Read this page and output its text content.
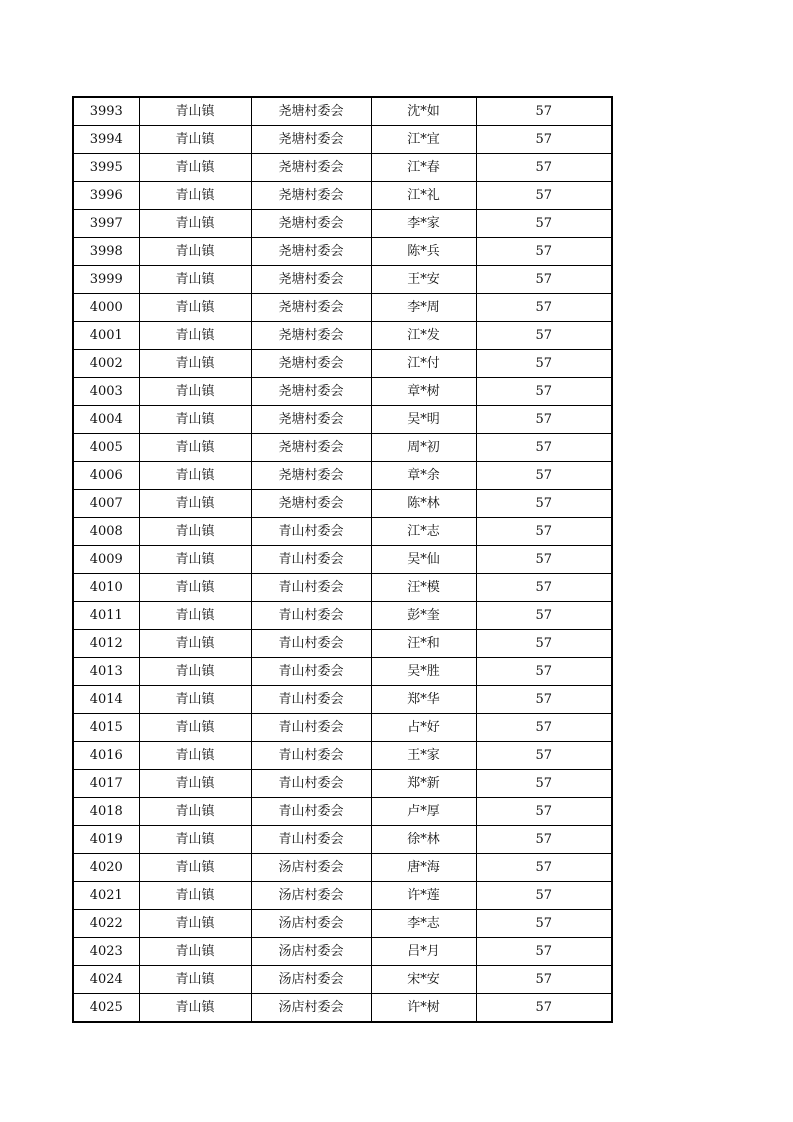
3993	青山镇	尧塘村委会	沈*如	57
3994	青山镇	尧塘村委会	江*宜	57
3995	青山镇	尧塘村委会	江*春	57
3996	青山镇	尧塘村委会	江*礼	57
3997	青山镇	尧塘村委会	李*家	57
3998	青山镇	尧塘村委会	陈*兵	57
3999	青山镇	尧塘村委会	王*安	57
4000	青山镇	尧塘村委会	李*周	57
4001	青山镇	尧塘村委会	江*发	57
4002	青山镇	尧塘村委会	江*付	57
4003	青山镇	尧塘村委会	章*树	57
4004	青山镇	尧塘村委会	吴*明	57
4005	青山镇	尧塘村委会	周*初	57
4006	青山镇	尧塘村委会	章*余	57
4007	青山镇	尧塘村委会	陈*林	57
4008	青山镇	青山村委会	江*志	57
4009	青山镇	青山村委会	吴*仙	57
4010	青山镇	青山村委会	汪*模	57
4011	青山镇	青山村委会	彭*奎	57
4012	青山镇	青山村委会	汪*和	57
4013	青山镇	青山村委会	吴*胜	57
4014	青山镇	青山村委会	郑*华	57
4015	青山镇	青山村委会	占*好	57
4016	青山镇	青山村委会	王*家	57
4017	青山镇	青山村委会	郑*新	57
4018	青山镇	青山村委会	卢*厚	57
4019	青山镇	青山村委会	徐*林	57
4020	青山镇	汤店村委会	唐*海	57
4021	青山镇	汤店村委会	许*莲	57
4022	青山镇	汤店村委会	李*志	57
4023	青山镇	汤店村委会	吕*月	57
4024	青山镇	汤店村委会	宋*安	57
4025	青山镇	汤店村委会	许*树	57
